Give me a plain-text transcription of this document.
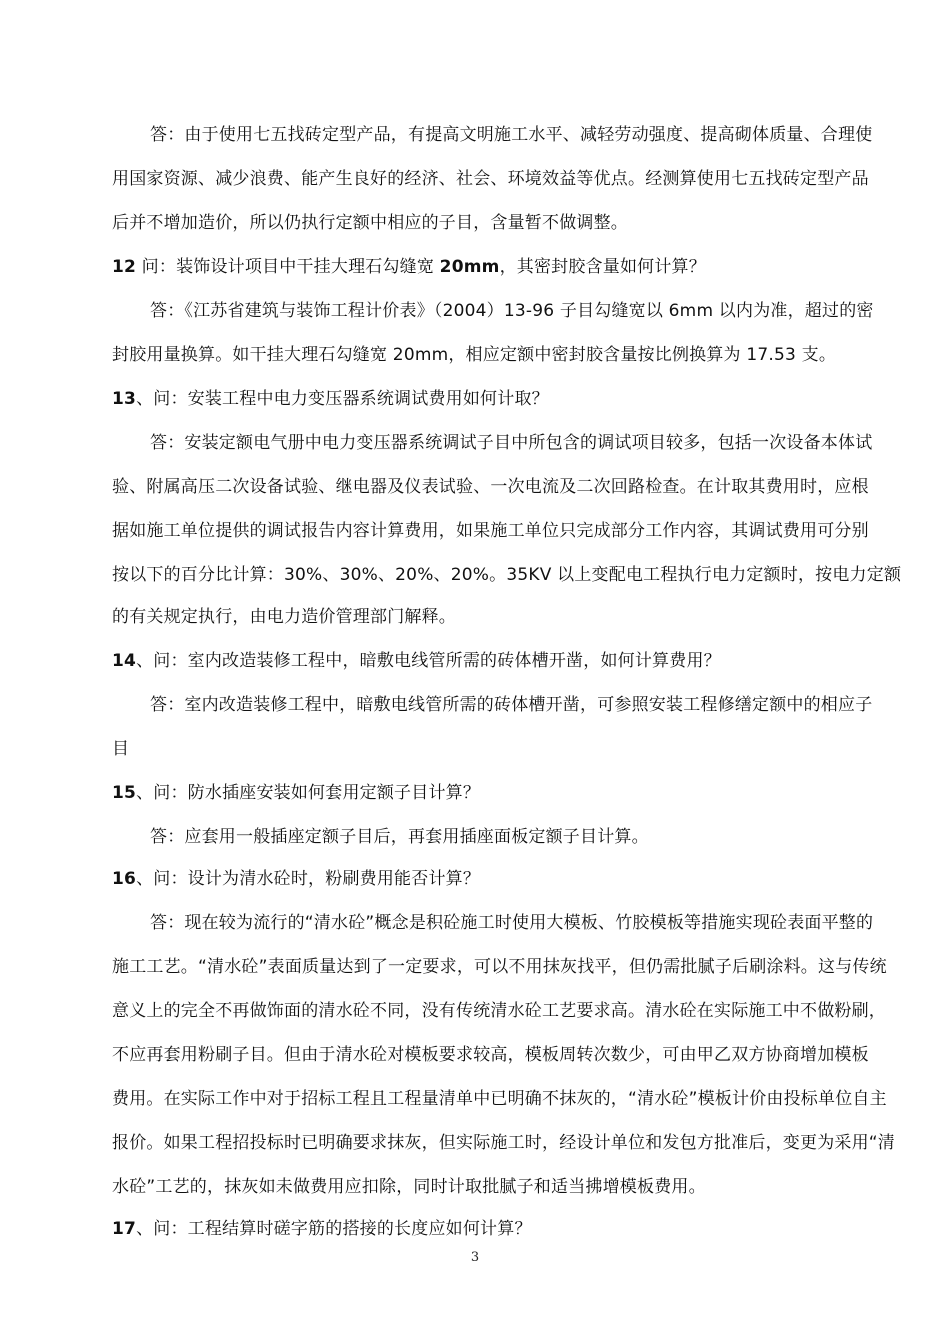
答：由于使用七五找砖定型产品，有提高文明施工水平、减轻劳动强度、提高砌体质量、合理使
用国家资源、减少浪费、能产生良好的经济、社会、环境效益等优点。经测算使用七五找砖定型产品
后并不增加造价，所以仍执行定额中相应的子目，含量暂不做调整。
12 问：装饰设计项目中干挂大理石勾缝宽 20mm，其密封胶含量如何计算？
答：《江苏省建筑与装饰工程计价表》（2004）13-96 子目勾缝宽以 6mm 以内为准，超过的密
封胶用量换算。如干挂大理石勾缝宽 20mm，相应定额中密封胶含量按比例换算为 17.53 支。
13、问：安装工程中电力变压器系统调试费用如何计取？
答：安装定额电气册中电力变压器系统调试子目中所包含的调试项目较多，包括一次设备本体试
验、附属高压二次设备试验、继电器及仪表试验、一次电流及二次回路检查。在计取其费用时，应根
据如施工单位提供的调试报告内容计算费用，如果施工单位只完成部分工作内容，其调试费用可分别
按以下的百分比计算：30%、30%、20%、20%。35KV 以上变配电工程执行电力定额时，按电力定额
的有关规定执行，由电力造价管理部门解释。
14、问：室内改造装修工程中，暗敷电线管所需的砖体槽开凿，如何计算费用？
答：室内改造装修工程中，暗敷电线管所需的砖体槽开凿，可参照安装工程修缮定额中的相应子
目
15、问：防水插座安装如何套用定额子目计算？
答：应套用一般插座定额子目后，再套用插座面板定额子目计算。
16、问：设计为清水砼时，粉刷费用能否计算？
答：现在较为流行的“清水砼”概念是积砼施工时使用大模板、竹胶模板等措施实现砼表面平整的
施工工艺。“清水砼”表面质量达到了一定要求，可以不用抹灰找平，但仍需批腻子后刷涂料。这与传统
意义上的完全不再做饰面的清水砼不同，没有传统清水砼工艺要求高。清水砼在实际施工中不做粉刷，
不应再套用粉刷子目。但由于清水砼对模板要求较高，模板周转次数少，可由甲乙双方协商增加模板
费用。在实际工作中对于招标工程且工程量清单中已明确不抹灰的，“清水砼”模板计价由投标单位自主
报价。如果工程招投标时已明确要求抹灰，但实际施工时，经设计单位和发包方批准后，变更为采用“清
水砼”工艺的，抹灰如未做费用应扣除，同时计取批腻子和适当拂增模板费用。
17、问：工程结算时磋字筋的搭接的长度应如何计算？
3
